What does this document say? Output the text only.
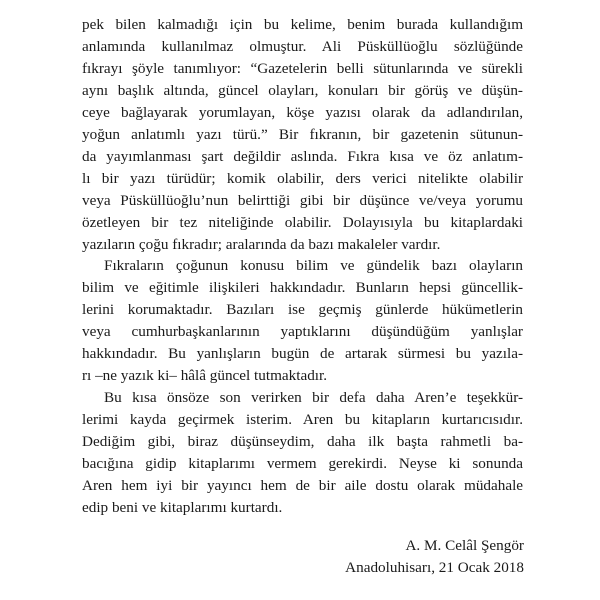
pek bilen kalmadığı için bu kelime, benim burada kullandığım
anlamında kullanılmaz olmuştur. Ali Püsküllüoğlu sözlüğünde
fıkrayı şöyle tanımlıyor: “Gazetelerin belli sütunlarında ve sürekli
aynı başlık altında, güncel olayları, konuları bir görüş ve düşün-
ceye bağlayarak yorumlayan, köşe yazısı olarak da adlandırılan,
yoğun anlatımlı yazı türü.” Bir fıkranın, bir gazetenin sütunun-
da yayımlanması şart değildir aslında. Fıkra kısa ve öz anlatım-
lı bir yazı türüdür; komik olabilir, ders verici nitelikte olabilir
veya Püsküllüoğlu’nun belirttiği gibi bir düşünce ve/veya yorumu
özetleyen bir tez niteliğinde olabilir. Dolayısıyla bu kitaplardaki
yazıların çoğu fıkradır; aralarında da bazı makaleler vardır.

Fıkraların çoğunun konusu bilim ve gündelik bazı olayların
bilim ve eğitimle ilişkileri hakkındadır. Bunların hepsi güncellik-
lerini korumaktadır. Bazıları ise geçmiş günlerde hükümetlerin
veya cumhurbaşkanlarının yaptıklarını düşündüğüm yanlışlar
hakkındadır. Bu yanlışların bugün de artarak sürmesi bu yazıla-
rı –ne yazık ki– hâlâ güncel tutmaktadır.

Bu kısa önsöze son verirken bir defa daha Aren’e teşekkür-
lerimi kayda geçirmek isterim. Aren bu kitapların kurtarıcısıdır.
Dediğim gibi, biraz düşünseydim, daha ilk başta rahmetli ba-
bacığına gidip kitaplarımı vermem gerekirdi. Neyse ki sonunda
Aren hem iyi bir yayıncı hem de bir aile dostu olarak müdahale
edip beni ve kitaplarımı kurtardı.

A. M. Celâl Şengör
Anadoluhisarı, 21 Ocak 2018
